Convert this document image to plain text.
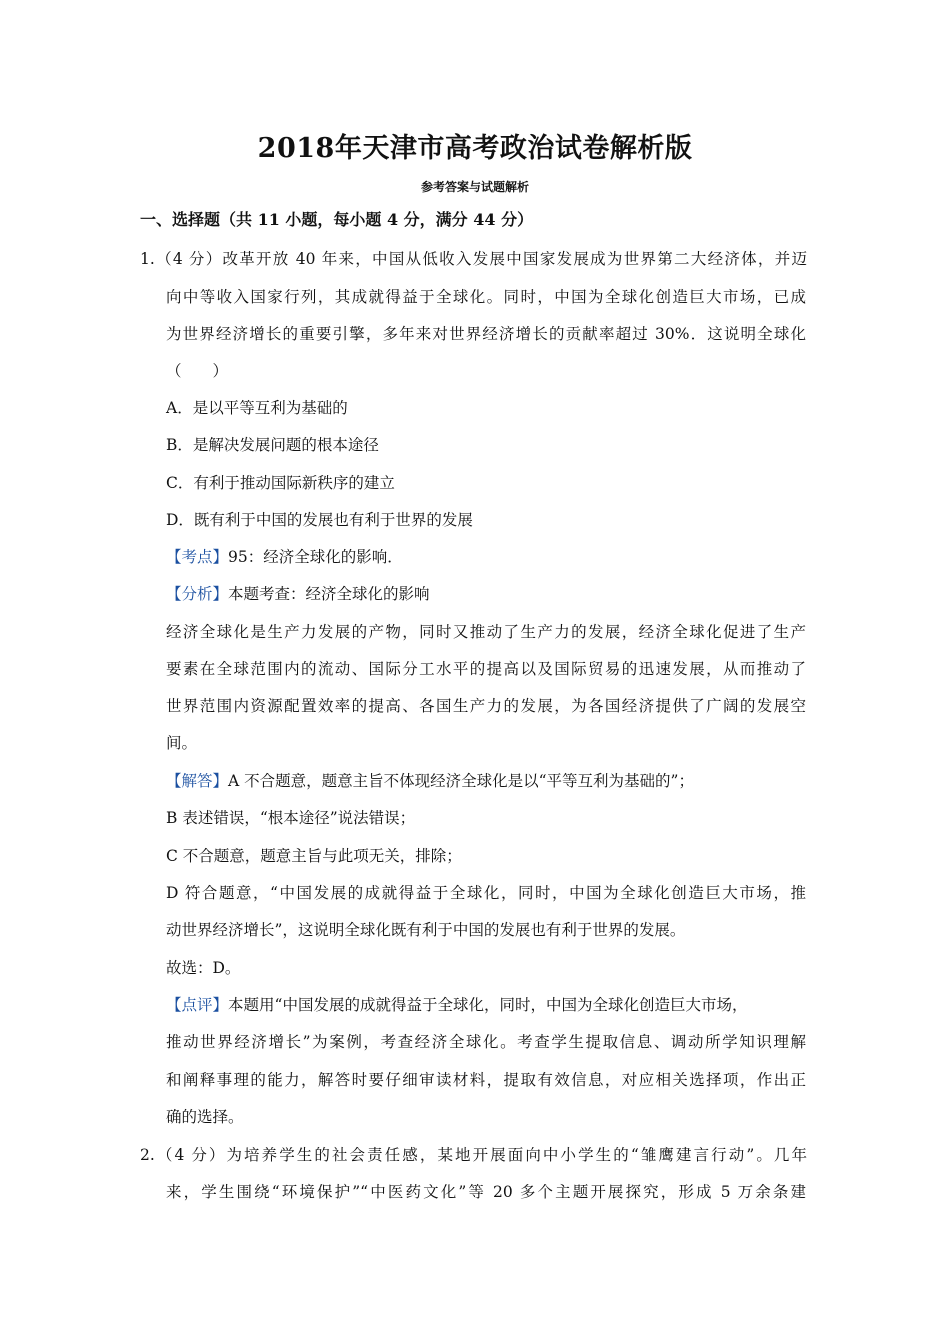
2018年天津市高考政治试卷解析版
参考答案与试题解析
一、选择题（共 11 小题，每小题 4 分，满分 44 分）
1.（4 分）改革开放 40 年来，中国从低收入发展中国家发展成为世界第二大经济体，并迈
向中等收入国家行列，其成就得益于全球化。同时，中国为全球化创造巨大市场，已成
为世界经济增长的重要引擎，多年来对世界经济增长的贡献率超过 30%．这说明全球化
（　　）
A．是以平等互利为基础的
B．是解决发展问题的根本途径
C．有利于推动国际新秩序的建立
D．既有利于中国的发展也有利于世界的发展
【考点】95：经济全球化的影响．
【分析】本题考查：经济全球化的影响
经济全球化是生产力发展的产物，同时又推动了生产力的发展，经济全球化促进了生产
要素在全球范围内的流动、国际分工水平的提高以及国际贸易的迅速发展，从而推动了
世界范围内资源配置效率的提高、各国生产力的发展，为各国经济提供了广阔的发展空
间。
【解答】A 不合题意，题意主旨不体现经济全球化是以“平等互利为基础的”；
B 表述错误，“根本途径”说法错误；
C 不合题意，题意主旨与此项无关，排除；
D 符合题意，“中国发展的成就得益于全球化，同时，中国为全球化创造巨大市场，推
动世界经济增长”，这说明全球化既有利于中国的发展也有利于世界的发展。
故选：D。
【点评】本题用“中国发展的成就得益于全球化，同时，中国为全球化创造巨大市场，
推动世界经济增长”为案例，考查经济全球化。考查学生提取信息、调动所学知识理解
和阐释事理的能力，解答时要仔细审读材料，提取有效信息，对应相关选择项，作出正
确的选择。
2.（4 分）为培养学生的社会责任感，某地开展面向中小学生的“雏鹰建言行动”。几年
来，学生围绕“环境保护”“中医药文化”等 20 多个主题开展探究，形成 5 万余条建
